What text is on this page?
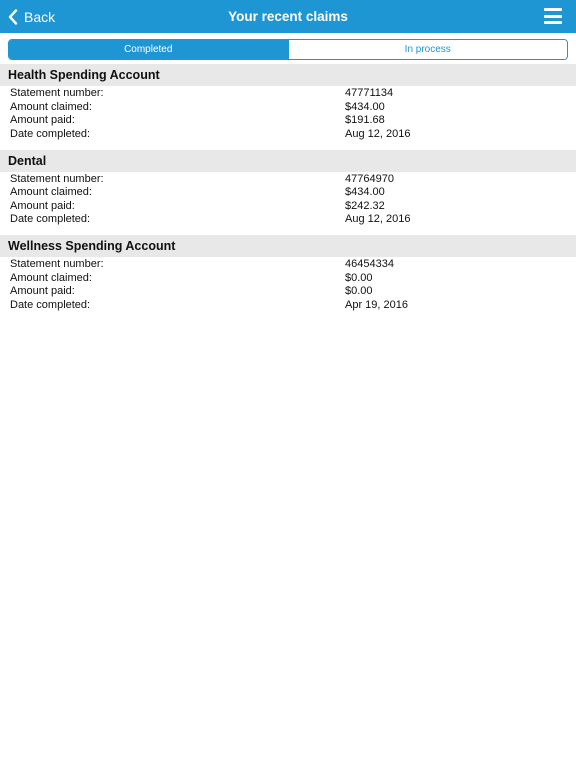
Back	Your recent claims
Completed	In process
Health Spending Account
Statement number:	47771134
Amount claimed:	$434.00
Amount paid:	$191.68
Date completed:	Aug 12, 2016
Dental
Statement number:	47764970
Amount claimed:	$434.00
Amount paid:	$242.32
Date completed:	Aug 12, 2016
Wellness Spending Account
Statement number:	46454334
Amount claimed:	$0.00
Amount paid:	$0.00
Date completed:	Apr 19, 2016
